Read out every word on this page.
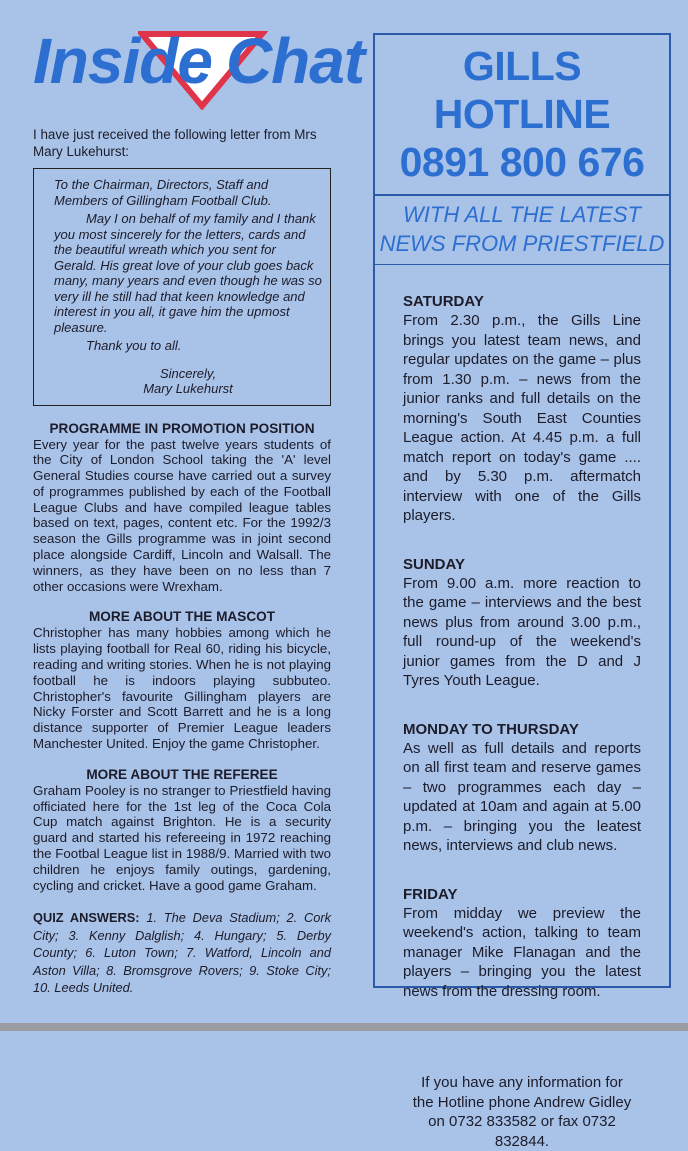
Inside Chat
I have just received the following letter from Mrs Mary Lukehurst:

To the Chairman, Directors, Staff and Members of Gillingham Football Club.

May I on behalf of my family and I thank you most sincerely for the letters, cards and the beautiful wreath which you sent for Gerald. His great love of your club goes back many, many years and even though he was so very ill he still had that keen knowledge and interest in you all, it gave him the upmost pleasure.

Thank you to all.

Sincerely,

Mary Lukehurst

PROGRAMME IN PROMOTION POSITION
Every year for the past twelve years students of the City of London School taking the 'A' level General Studies course have carried out a survey of programmes published by each of the Football League Clubs and have compiled league tables based on text, pages, content etc. For the 1992/3 season the Gills programme was in joint second place alongside Cardiff, Lincoln and Walsall. The winners, as they have been on no less than 7 other occasions were Wrexham.
MORE ABOUT THE MASCOT
Christopher has many hobbies among which he lists playing football for Real 60, riding his bicycle, reading and writing stories. When he is not playing football he is indoors playing subbuteo. Christopher's favourite Gillingham players are Nicky Forster and Scott Barrett and he is a long distance supporter of Premier League leaders Manchester United. Enjoy the game Christopher.
MORE ABOUT THE REFEREE
Graham Pooley is no stranger to Priestfield having officiated here for the 1st leg of the Coca Cola Cup match against Brighton. He is a security guard and started his refereeing in 1972 reaching the Footbal League list in 1988/9. Married with two children he enjoys family outings, gardening, cycling and cricket. Have a good game Graham.
QUIZ ANSWERS: 1. The Deva Stadium; 2. Cork City; 3. Kenny Dalglish; 4. Hungary; 5. Derby County; 6. Luton Town; 7. Watford, Lincoln and Aston Villa; 8. Bromsgrove Rovers; 9. Stoke City; 10. Leeds United.
GILLS HOTLINE
0891 800 676
WITH ALL THE LATEST
NEWS FROM PRIESTFIELD
SATURDAY
From 2.30 p.m., the Gills Line brings you latest team news, and regular updates on the game – plus from 1.30 p.m. – news from the junior ranks and full details on the morning's South East Counties League action. At 4.45 p.m. a full match report on today's game .... and by 5.30 p.m. aftermatch interview with one of the Gills players.
SUNDAY
From 9.00 a.m. more reaction to the game – interviews and the best news plus from around 3.00 p.m., full round-up of the weekend's junior games from the D and J Tyres Youth League.
MONDAY TO THURSDAY
As well as full details and reports on all first team and reserve games – two programmes each day – updated at 10am and again at 5.00 p.m. – bringing you the leatest news, interviews and club news.
FRIDAY
From midday we preview the weekend's action, talking to team manager Mike Flanagan and the players – bringing you the latest news from the dressing room.
If you have any information for the Hotline phone Andrew Gidley on 0732 833582 or fax 0732 832844.
